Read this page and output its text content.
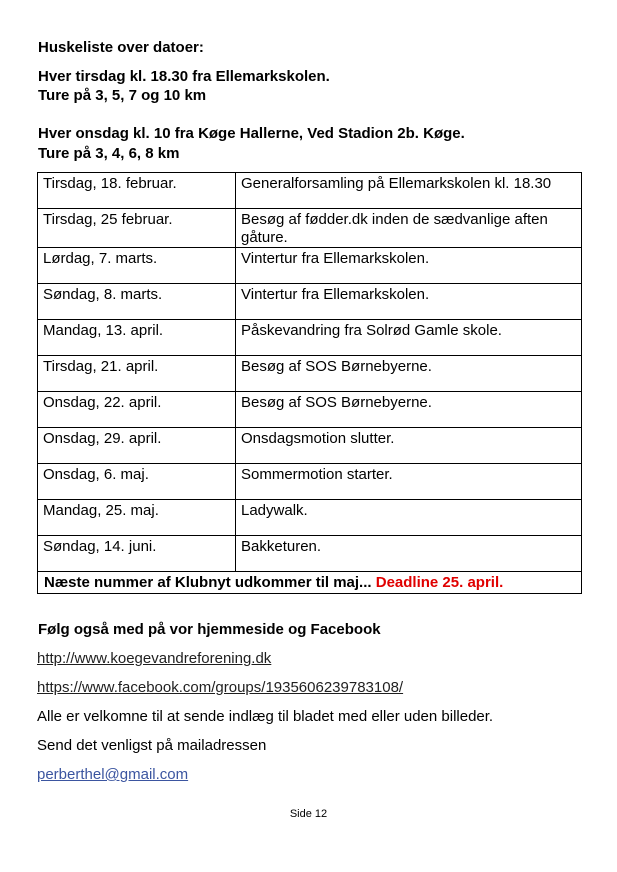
Huskeliste over datoer:
Hver tirsdag kl. 18.30 fra Ellemarkskolen.
Ture på 3, 5, 7 og 10 km
Hver onsdag kl. 10 fra Køge Hallerne, Ved Stadion 2b. Køge.
Ture på 3, 4, 6, 8 km
Tirsdag, 18. februar.	Generalforsamling på Ellemarkskolen kl. 18.30
Tirsdag, 25 februar.	Besøg af fødder.dk inden de sædvanlige aften gåture.
Lørdag, 7. marts.	Vintertur fra Ellemarkskolen.
Søndag, 8. marts.	Vintertur fra Ellemarkskolen.
Mandag, 13. april.	Påskevandring fra Solrød Gamle skole.
Tirsdag, 21. april.	Besøg af SOS Børnebyerne.
Onsdag, 22. april.	Besøg af SOS Børnebyerne.
Onsdag, 29. april.	Onsdagsmotion slutter.
Onsdag, 6. maj.	Sommermotion starter.
Mandag, 25. maj.	Ladywalk.
Søndag, 14. juni.	Bakketuren.
Næste nummer af Klubnyt udkommer til maj... Deadline 25. april.	
Følg også med på vor hjemmeside og Facebook
http://www.koegevandreforening.dk
https://www.facebook.com/groups/1935606239783108/
Alle er velkomne til at sende indlæg til bladet med eller uden billeder.
Send det venligst på mailadressen
perberthel@gmail.com
Side 12
